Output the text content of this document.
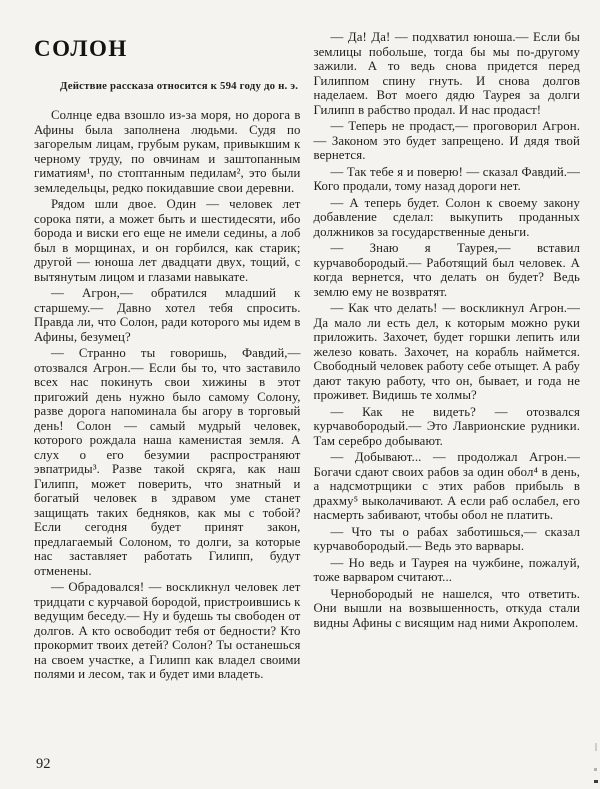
СОЛОН

Действие рассказа относится к 594 году до н. э.

Солнце едва взошло из-за моря, но дорога в Афины была заполнена людьми. Судя по загорелым лицам, грубым рукам, привыкшим к черному труду, по овчинам и заштопанным гиматиям¹, по стоптанным педилам², это были земледельцы, редко покидавшие свои деревни.

Рядом шли двое. Один — человек лет сорока пяти, а может быть и шестидесяти, ибо борода и виски его еще не имели седины, а лоб был в морщинах, и он горбился, как старик; другой — юноша лет двадцати двух, тощий, с вытянутым лицом и глазами навыкате.

— Агрон,— обратился младший к старшему.— Давно хотел тебя спросить. Правда ли, что Солон, ради которого мы идем в Афины, безумец?

— Странно ты говоришь, Фавдий,— отозвался Агрон.— Если бы то, что заставило всех нас покинуть свои хижины в этот пригожий день нужно было самому Солону, разве дорога напоминала бы агору в торговый день! Солон — самый мудрый человек, которого рождала наша каменистая земля. А слух о его безумии распространяют эвпатриды³. Разве такой скряга, как наш Гилипп, может поверить, что знатный и богатый человек в здравом уме станет защищать таких бедняков, как мы с тобой? Если сегодня будет принят закон, предлагаемый Солоном, то долги, за которые нас заставляет работать Гилипп, будут отменены.

— Обрадовался! — воскликнул человек лет тридцати с курчавой бородой, пристроившись к ведущим беседу.— Ну и будешь ты свободен от долгов. А кто освободит тебя от бедности? Кто прокормит твоих детей? Солон? Ты останешься на своем участке, а Гилипп как владел своими полями и лесом, так и будет ими владеть.

— Да! Да! — подхватил юноша.— Если бы землицы побольше, тогда бы мы по-другому зажили. А то ведь снова придется перед Гилиппом спину гнуть. И снова долгов наделаем. Вот моего дядю Таурея за долги Гилипп в рабство продал. И нас продаст!

— Теперь не продаст,— проговорил Агрон.— Законом это будет запрещено. И дядя твой вернется.

— Так тебе я и поверю! — сказал Фавдий.— Кого продали, тому назад дороги нет.

— А теперь будет. Солон к своему закону добавление сделал: выкупить проданных должников за государственные деньги.

— Знаю я Таурея,— вставил курчавобородый.— Работящий был человек. А когда вернется, что делать он будет? Ведь землю ему не возвратят.

— Как что делать! — воскликнул Агрон.— Да мало ли есть дел, к которым можно руки приложить. Захочет, будет горшки лепить или железо ковать. Захочет, на корабль наймется. Свободный человек работу себе отыщет. А рабу дают такую работу, что он, бывает, и года не проживет. Видишь те холмы?

— Как не видеть? — отозвался курчавобородый.— Это Лаврионские рудники. Там серебро добывают.

— Добывают... — продолжал Агрон.— Богачи сдают своих рабов за один обол⁴ в день, а надсмотрщики с этих рабов прибыль в драхму⁵ выколачивают. А если раб ослабел, его насмерть забивают, чтобы обол не платить.

— Что ты о рабах заботишься,— сказал курчавобородый.— Ведь это варвары.

— Но ведь и Таурея на чужбине, пожалуй, тоже варваром считают...

Чернобородый не нашелся, что ответить. Они вышли на возвышенность, откуда стали видны Афины с висящим над ними Акрополем.

92
